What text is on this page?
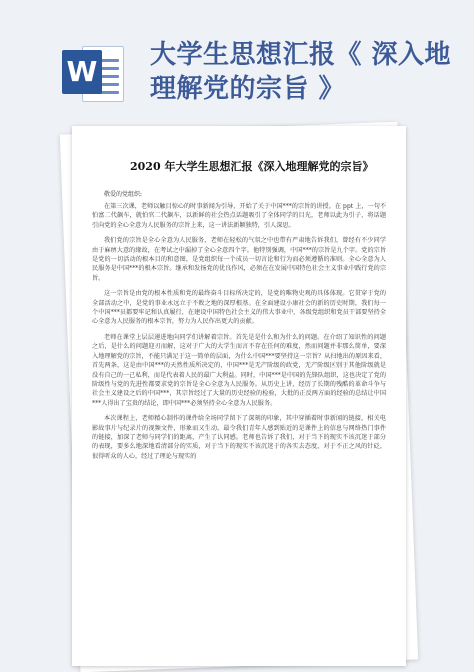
W 大学生思想汇报《 深入地理解党的宗旨 》

2020 年大学生思想汇报《深入地理解党的宗旨》
敬爱的党组织:

在第三次课，老师以触目惊心的时事新闻为引导，开始了关于中国***的宗旨的讲授。在 ppt 上，一句不怕富二代飙车，就怕官二代飙车，以新鲜的社会热点话题吸引了全体同学的目光，老师以此为引子，将话题引向党的全心全意为人民服务的宗旨上来，这一讲法新颖独特，引人深思。

我们党的宗旨是全心全意为人民服务，老师在轻松的气氛之中也带有严肃地告诉我们，曾经有不少同学由于麻痹大意的缘故，在考试之中漏掉了全心全意四个字。他特别强调，中国***的宗旨是九个字。党的宗旨是党的一切活动的根本目的和意图，是党组织每一个成员一切言论和行为而必须遵循的准则。全心全意为人民服务是中国***的根本宗旨。继承和发扬党的优良作风，必须在在发展中国特色社会主义事业中践行党的宗旨。

这一宗旨是由党的根本性质和党的最终奋斗目标所决定的，是党的唯物史观的具体体现。它贯穿于党的全部活动之中，是党的事业永远立于不败之地的深厚根基。在全面建设小康社会的新的历史时期，我们每一个中国***员都要牢记和认真履行，在建设中国特色社会主义的伟大事业中，各级党组织和党员干部要坚持全心全意为人民服务的根本宗旨，努力为人民作出更大的贡献。

老师在课堂上层层递进地向同学们讲解着宗旨。首先是是什么和为什么的问题。在介绍了知识性的问题之后，是什么的问题迎刃而解，这对于广大的大学生而言不存在任何的难度，然而问题并非那么简单，要深入地理解党的宗旨，不能只满足于这一简单的层面，为什么中国***要坚持这一宗旨？从扫地出的原因来看，首先两条，这是由中国***的天然性质所决定的，中国***是无产阶级的政党，无产阶级区别于其他阶级就是没有自己的一己私利，而是代表着人民的最广大利益。同时，中国***是中国的先锋队组织，这也决定了党的阶级性与党的先进性都要求党的宗旨是全心全意为人民服务。从历史上讲，经历了长期的残酷的革命斗争与社会主义建设之后的中国***，其宗旨经过了大量的历史经验的检验，大批的正反两方面的经验的总结让中国***人得出了宝贵的结论，即中国***必须坚持全心全意为人民服务。

本次课程上，老师精心制作的课件给全场同学留下了深刻的印象，其中穿插着时事新闻的链接，相关电影故事片与纪录片的视频文件，形象而又生动。最令我们青年人感到贴近的是课件上的信息与网络热门事件的链接，加深了老师与同学们的距离，产生了认同感。老师也告诉了我们，对于当下的现实不该沉迷于部分的表现，要多么地深地看清部分的实质，对于当下的现实不该沉迷于的各实去态度，对于不正之风的针砭，很得听众的人心，经过了理论与现实的
